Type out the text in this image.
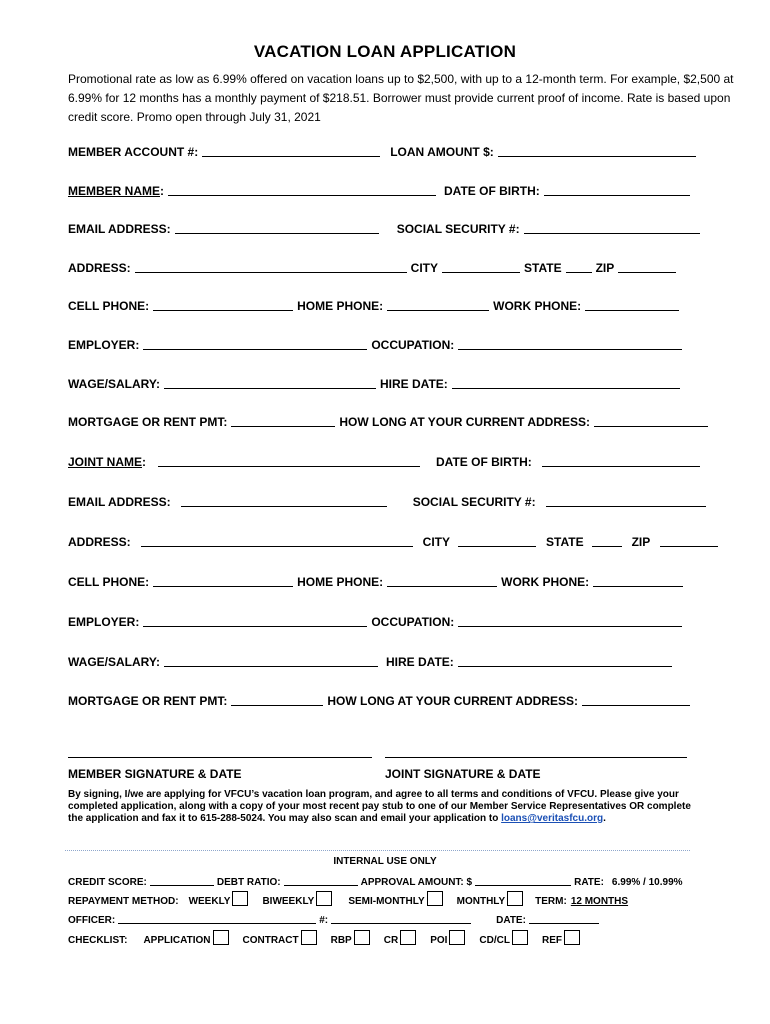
VACATION LOAN APPLICATION
Promotional rate as low as 6.99% offered on vacation loans up to $2,500, with up to a 12-month term. For example, $2,500 at 6.99% for 12 months has a monthly payment of $218.51. Borrower must provide current proof of income. Rate is based upon credit score. Promo open through July 31, 2021
MEMBER ACCOUNT #:	LOAN AMOUNT $:
MEMBER NAME :	DATE OF BIRTH:
EMAIL ADDRESS:	SOCIAL SECURITY #:
ADDRESS:	CITY	STATE	ZIP
CELL PHONE:	HOME PHONE:	WORK PHONE:
EMPLOYER:	OCCUPATION:
WAGE/SALARY:	HIRE DATE:
MORTGAGE OR RENT PMT:	HOW LONG AT YOUR CURRENT ADDRESS:
JOINT NAME :	DATE OF BIRTH :
EMAIL ADDRESS:	SOCIAL SECURITY #:
ADDRESS:	CITY	STATE	ZIP
CELL PHONE:	HOME PHONE:	WORK PHONE :
EMPLOYER:	OCCUPATION:
WAGE/SALARY:	HIRE DATE:
MORTGAGE OR RENT PMT:	HOW LONG AT YOUR CURRENT ADDRESS :
MEMBER SIGNATURE & DATE	JOINT SIGNATURE & DATE
By signing, I/we are applying for VFCU’s vacation loan program, and agree to all terms and conditions of VFCU. Please give your completed application, along with a copy of your most recent pay stub to one of our Member Service Representatives OR complete the application and fax it to 615-288-5024. You may also scan and email your application to loans@veritasfcu.org.
INTERNAL USE ONLY
CREDIT SCORE:	DEBT RATIO:	APPROVAL AMOUNT: $	RATE: 6.99% / 10.99%
REPAYMENT METHOD: WEEKLY	BIWEEKLY	SEMI-MONTHLY	MONTHLY	TERM: 12 MONTHS
OFFICER:	#:	DATE:
CHECKLIST: APPLICATION	CONTRACT	RBP	CR	POI	CD/CL	REF
